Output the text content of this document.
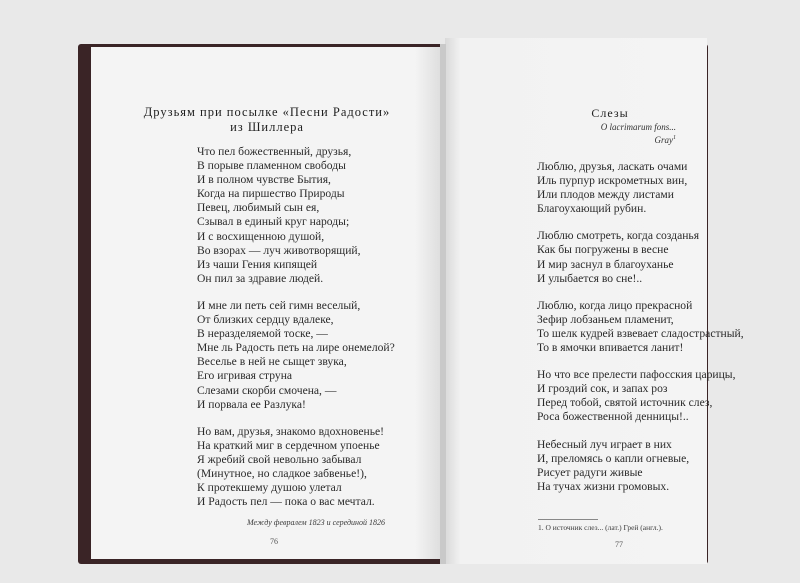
Друзьям при посылке «Песни Радости»
из Шиллера
Что пел божественный, друзья,
В порыве пламенном свободы
И в полном чувстве Бытия,
Когда на пиршество Природы
Певец, любимый сын ея,
Сзывал в единый круг народы;
И с восхищенною душой,
Во взорах — луч животворящий,
Из чаши Гения кипящей
Он пил за здравие людей.
И мне ли петь сей гимн веселый,
От близких сердцу вдалеке,
В неразделяемой тоске, —
Мне ль Радость петь на лире онемелой?
Веселье в ней не сыщет звука,
Его игривая струна
Слезами скорби смочена, —
И порвала ее Разлука!
Но вам, друзья, знакомо вдохновенье!
На краткий миг в сердечном упоенье
Я жребий свой невольно забывал
(Минутное, но сладкое забвенье!),
К протекшему душою улетал
И Радость пел — пока о вас мечтал.
Между февралем 1823 и серединой 1826
76
Слезы
O lacrimarum fons...
Gray$^1$
Люблю, друзья, ласкать очами
Иль пурпур искрометных вин,
Или плодов между листами
Благоухающий рубин.
Люблю смотреть, когда созданья
Как бы погружены в весне
И мир заснул в благоуханье
И улыбается во сне!..
Люблю, когда лицо прекрасной
Зефир лобзаньем пламенит,
То шелк кудрей взвевает сладострастный,
То в ямочки впивается ланит!
Но что все прелести пафосския царицы,
И гроздий сок, и запах роз
Перед тобой, святой источник слез,
Роса божественной денницы!..
Небесный луч играет в них
И, преломясь о капли огневые,
Рисует радуги живые
На тучах жизни громовых.
1. О источник слез... (лат.) Грей (англ.).
77
